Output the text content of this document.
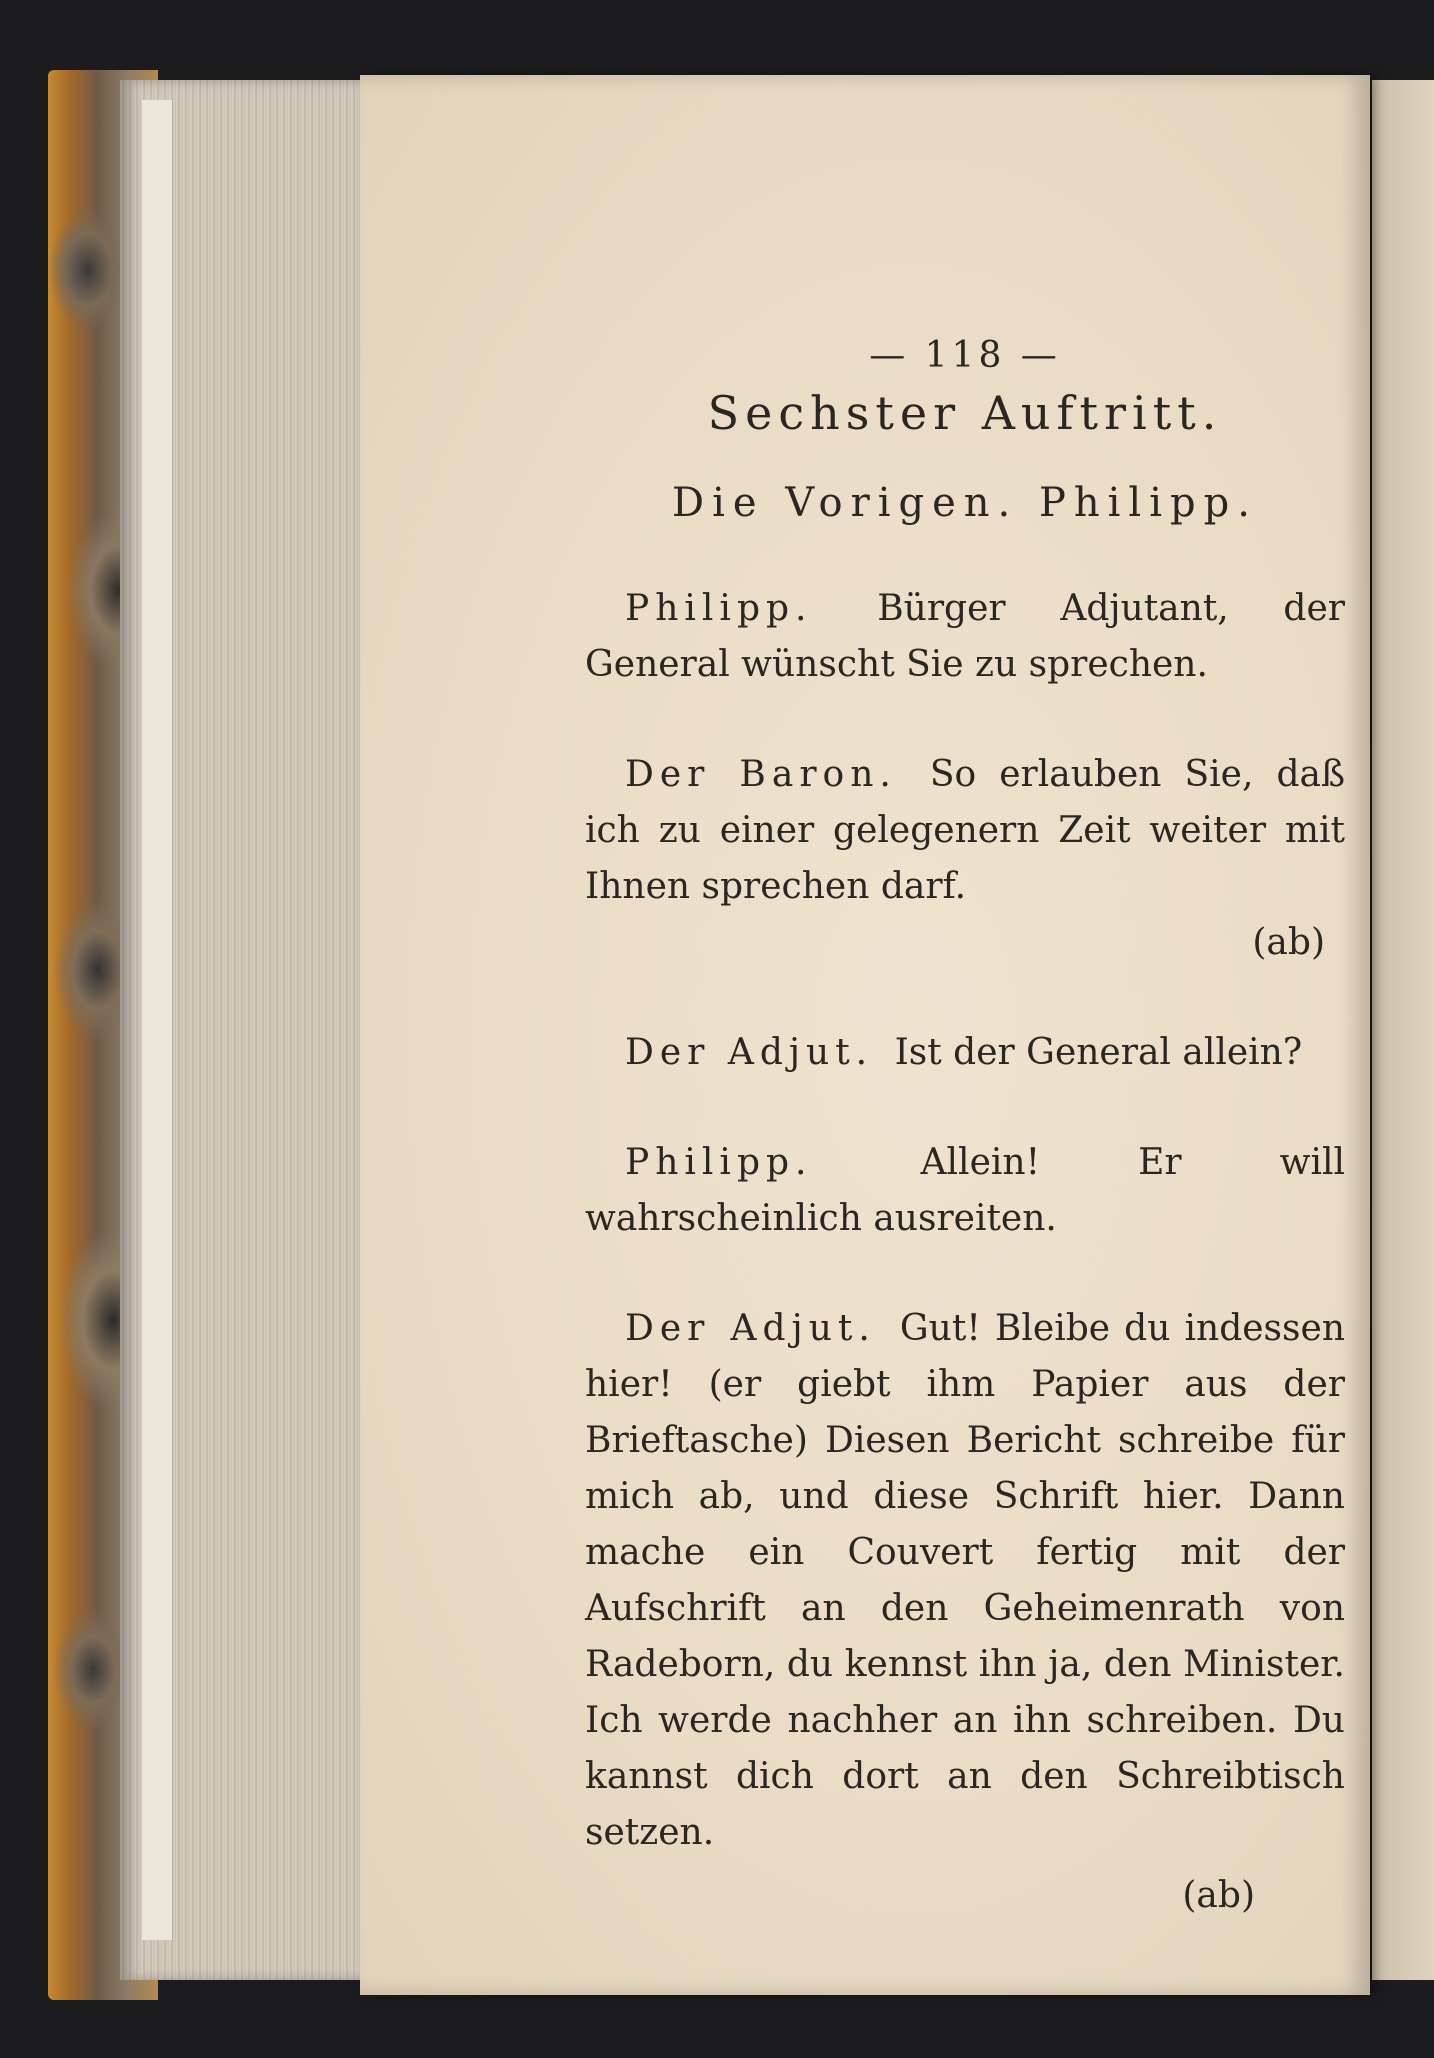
— 118 —
Sechster Auftritt.
Die Vorigen. Philipp.
Philipp. Bürger Adjutant, der General wünscht Sie zu sprechen.
Der Baron. So erlauben Sie, daß ich zu einer gelegenern Zeit weiter mit Ihnen sprechen darf.
(ab)
Der Adjut. Ist der General allein?
Philipp.	Allein! Er will wahrscheinlich ausreiten.
Der Adjut. Gut! Bleibe du indessen hier! (er giebt ihm Papier aus der Brieftasche) Diesen Bericht schreibe für mich ab, und diese Schrift hier. Dann mache ein Couvert fertig mit der Aufschrift an den Geheimenrath von Radeborn, du kennst ihn ja, den Minister. Ich werde nachher an ihn schreiben. Du kannst dich dort an den Schreibtisch setzen.
(ab)
